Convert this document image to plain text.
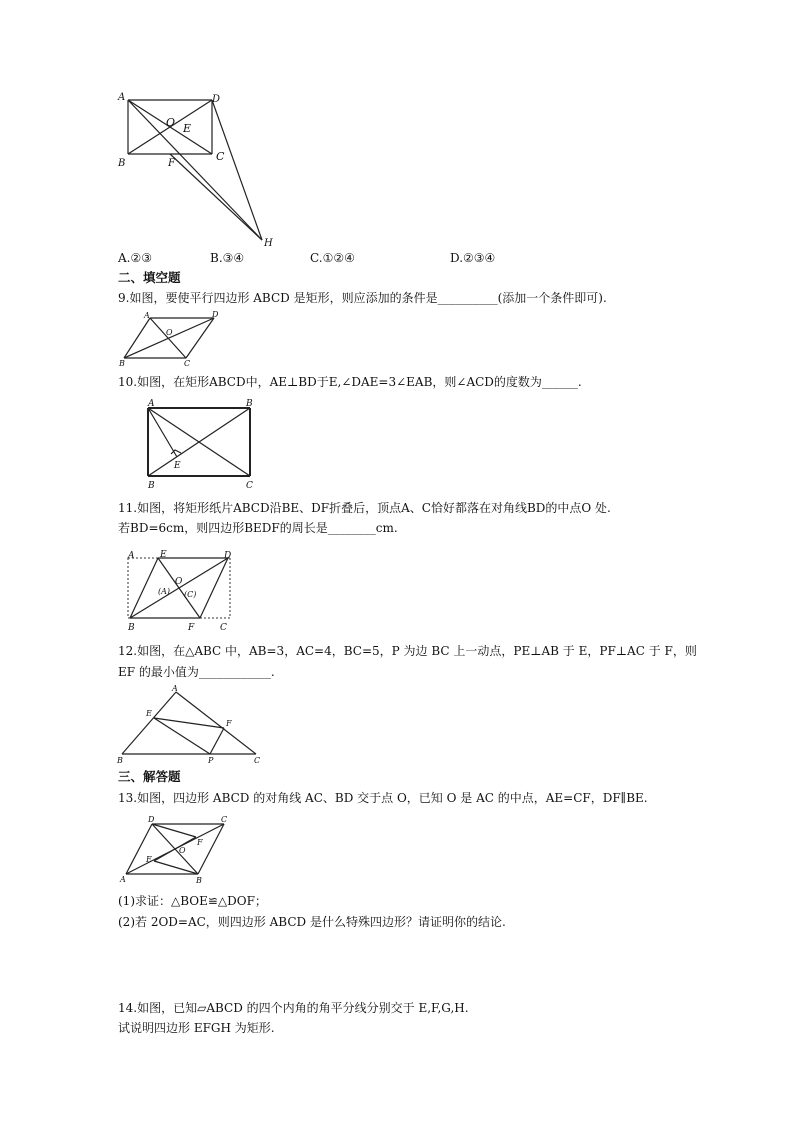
A	D
O E
B	F
C
H
A.②③	B.③④	C.①②④	D.②③④
二、填空题
9.如图，要使平行四边形 ABCD 是矩形，则应添加的条件是__________(添加一个条件即可).
A	D
O
B	C
10.如图，在矩形ABCD中，AE⊥BD于E,∠DAE=3∠EAB，则∠ACD的度数为______.
A	B
B	C
E
11.如图，将矩形纸片ABCD沿BE、DF折叠后，顶点A、C恰好都落在对角线BD的中点O 处.
若BD=6cm，则四边形BEDF的周长是________cm.
A	E	D
O
(A) (C)
B	F	C
12.如图，在△ABC 中，AB=3，AC=4，BC=5，P 为边 BC 上一动点，PE⊥AB 于 E，PF⊥AC 于 F，则
EF 的最小值为____________.
A
E
F
B	P	C
三、解答题
13.如图，四边形 ABCD 的对角线 AC、BD 交于点 O，已知 O 是 AC 的中点，AE=CF，DF∥BE.
D	C
E
O
F
A	B
(1)求证：△BOE≌△DOF；
(2)若 2OD=AC，则四边形 ABCD 是什么特殊四边形？请证明你的结论.
14.如图，已知▱ABCD 的四个内角的角平分线分别交于 E,F,G,H.
试说明四边形 EFGH 为矩形.
